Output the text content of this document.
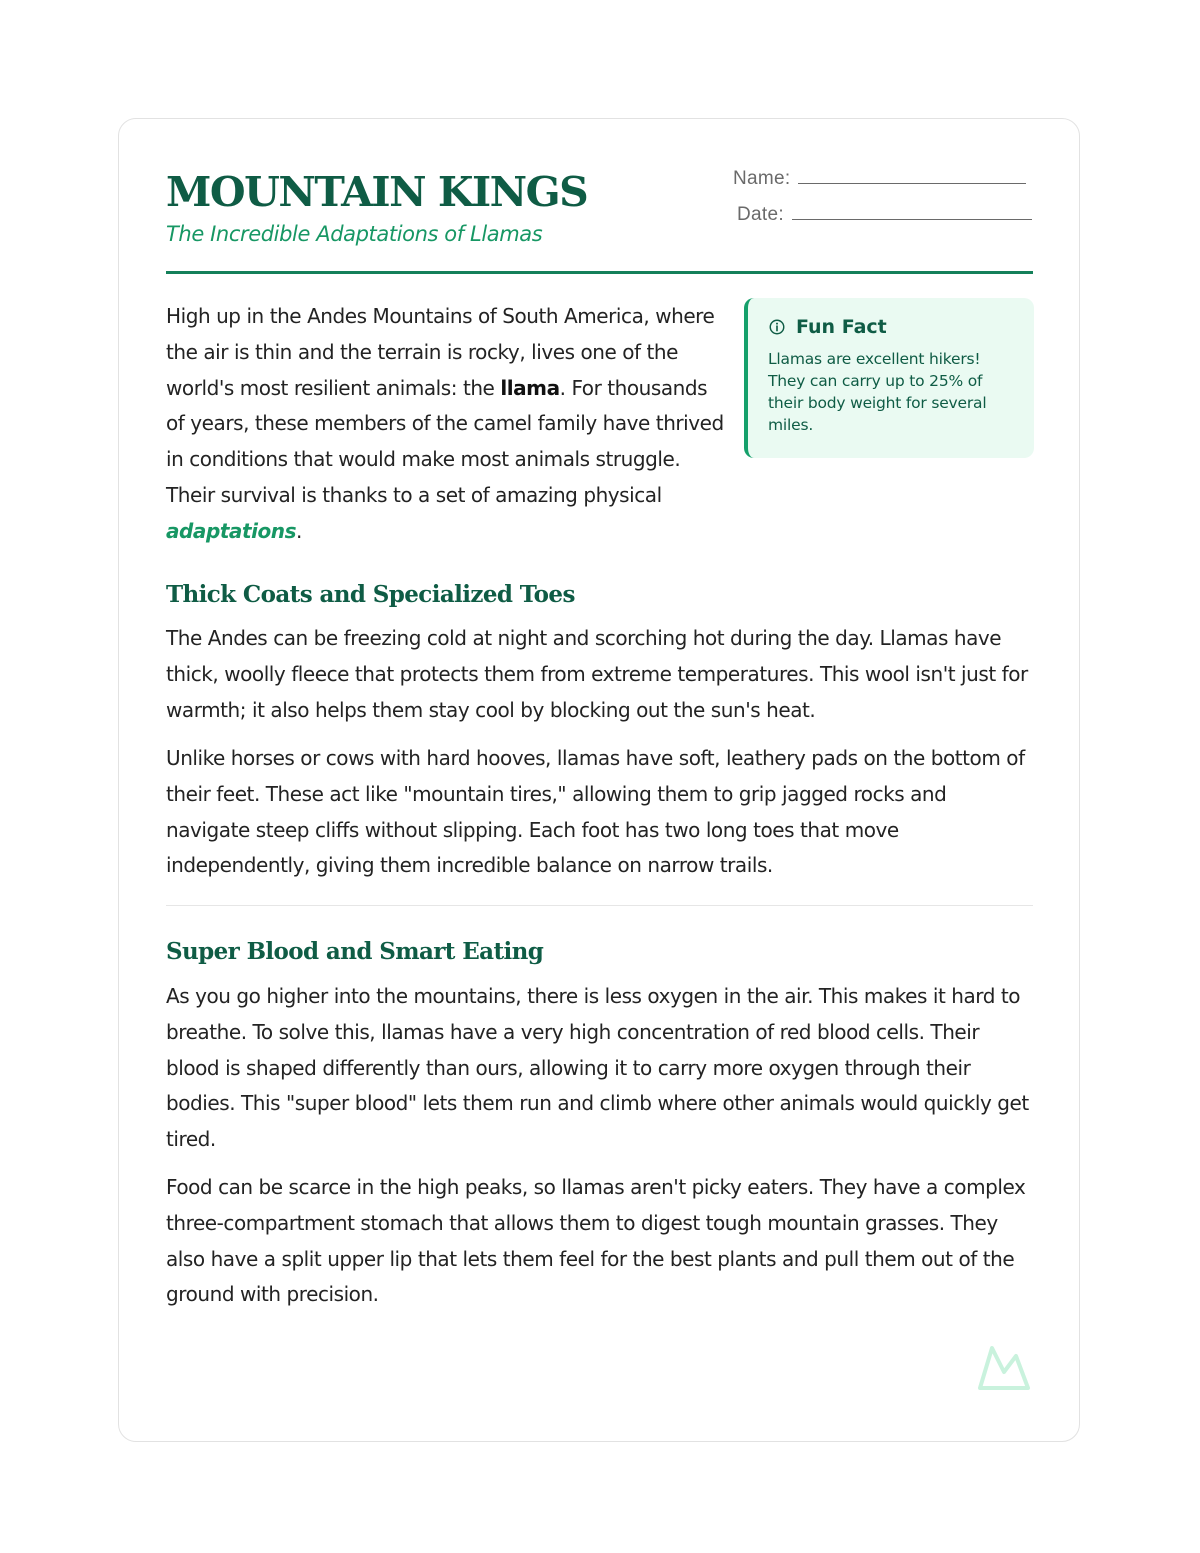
MOUNTAIN KINGS
The Incredible Adaptations of Llamas
Name:
Date:

High up in the Andes Mountains of South America, where the air is thin and the terrain is rocky, lives one of the world's most resilient animals: the llama. For thousands of years, these members of the camel family have thrived in conditions that would make most animals struggle. Their survival is thanks to a set of amazing physical adaptations.

Fun Fact
Llamas are excellent hikers! They can carry up to 25% of their body weight for several miles.
Thick Coats and Specialized Toes

The Andes can be freezing cold at night and scorching hot during the day. Llamas have thick, woolly fleece that protects them from extreme temperatures. This wool isn't just for warmth; it also helps them stay cool by blocking out the sun's heat.

Unlike horses or cows with hard hooves, llamas have soft, leathery pads on the bottom of their feet. These act like "mountain tires," allowing them to grip jagged rocks and navigate steep cliffs without slipping. Each foot has two long toes that move independently, giving them incredible balance on narrow trails.

Super Blood and Smart Eating

As you go higher into the mountains, there is less oxygen in the air. This makes it hard to breathe. To solve this, llamas have a very high concentration of red blood cells. Their blood is shaped differently than ours, allowing it to carry more oxygen through their bodies. This "super blood" lets them run and climb where other animals would quickly get tired.

Food can be scarce in the high peaks, so llamas aren't picky eaters. They have a complex three-compartment stomach that allows them to digest tough mountain grasses. They also have a split upper lip that lets them feel for the best plants and pull them out of the ground with precision.
